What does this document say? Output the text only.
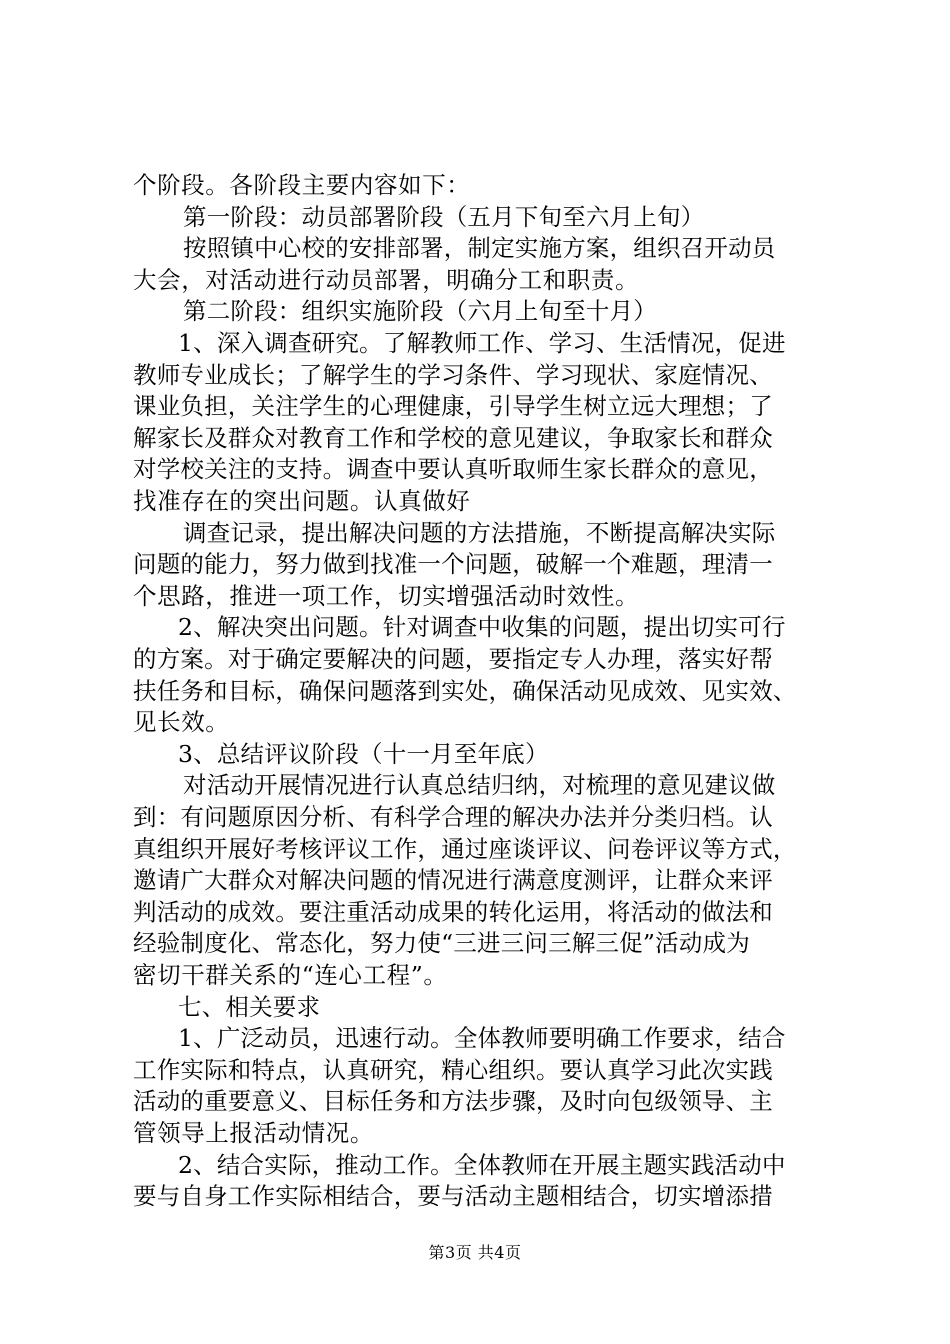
个阶段。各阶段主要内容如下：
第一阶段：动员部署阶段（五月下旬至六月上旬）
按照镇中心校的安排部署，制定实施方案，组织召开动员
大会，对活动进行动员部署，明确分工和职责。
第二阶段：组织实施阶段（六月上旬至十月）
1、深入调查研究。了解教师工作、学习、生活情况，促进
教师专业成长；了解学生的学习条件、学习现状、家庭情况、
课业负担，关注学生的心理健康，引导学生树立远大理想；了
解家长及群众对教育工作和学校的意见建议，争取家长和群众
对学校关注的支持。调查中要认真听取师生家长群众的意见，
找准存在的突出问题。认真做好
调查记录，提出解决问题的方法措施，不断提高解决实际
问题的能力，努力做到找准一个问题，破解一个难题，理清一
个思路，推进一项工作，切实增强活动时效性。
2、解决突出问题。针对调查中收集的问题，提出切实可行
的方案。对于确定要解决的问题，要指定专人办理，落实好帮
扶任务和目标，确保问题落到实处，确保活动见成效、见实效、
见长效。
3、总结评议阶段（十一月至年底）
对活动开展情况进行认真总结归纳，对梳理的意见建议做
到：有问题原因分析、有科学合理的解决办法并分类归档。认
真组织开展好考核评议工作，通过座谈评议、问卷评议等方式，
邀请广大群众对解决问题的情况进行满意度测评，让群众来评
判活动的成效。要注重活动成果的转化运用，将活动的做法和
经验制度化、常态化，努力使“三进三问三解三促”活动成为
密切干群关系的“连心工程”。
七、相关要求
1、广泛动员，迅速行动。全体教师要明确工作要求，结合
工作实际和特点，认真研究，精心组织。要认真学习此次实践
活动的重要意义、目标任务和方法步骤，及时向包级领导、主
管领导上报活动情况。
2、结合实际，推动工作。全体教师在开展主题实践活动中
要与自身工作实际相结合，要与活动主题相结合，切实增添措
第3页 共4页
